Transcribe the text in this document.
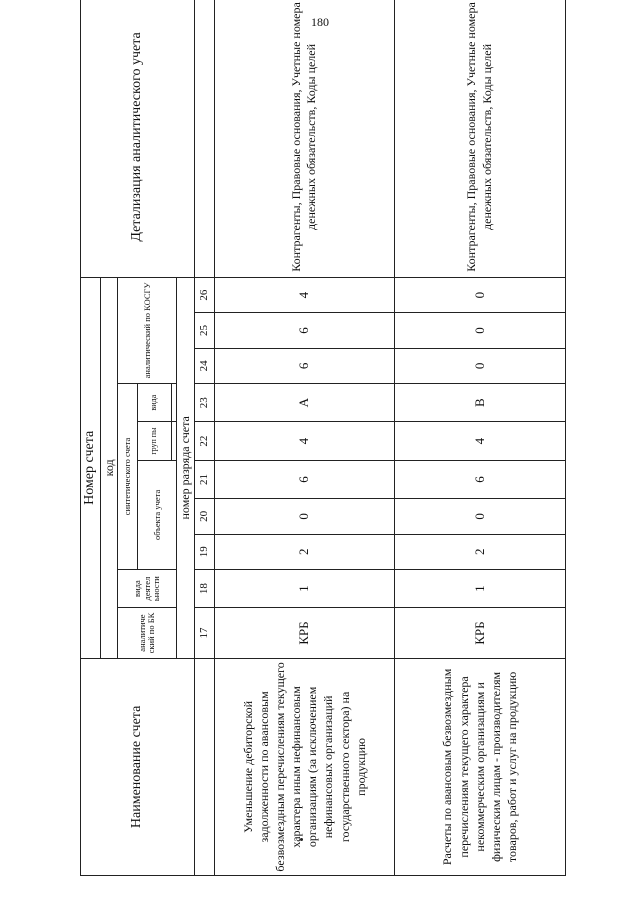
180
Наименование счета	Номер счета										Детализация аналитического учета
	код										
	аналитиче ский по БК	вида деятел ьности	синтетического счета					аналитический по КОСГУ			
			объекта учета			груп пы	вида				

	номер разряда счета										
	17	18	19	20	21	22	23	24	25	26	
Уменьшение дебиторской задолженности по авансовым безвозмездным перечислениям текущего характера иным нефинансовым организациям (за исключением нефинансовых организаций государственного сектора) на продукцию	КРБ	1	2	0	6	4	А	6	6	4	Контрагенты, Правовые основания, Учетные номера денежных обязательств, Коды целей
Расчеты по авансовым безвозмездным перечислениям текущего характера некоммерческим организациям и физическим лицам - производителям товаров, работ и услуг на продукцию	КРБ	1	2	0	6	4	В	0	0	0	Контрагенты, Правовые основания, Учетные номера денежных обязательств, Коды целей
